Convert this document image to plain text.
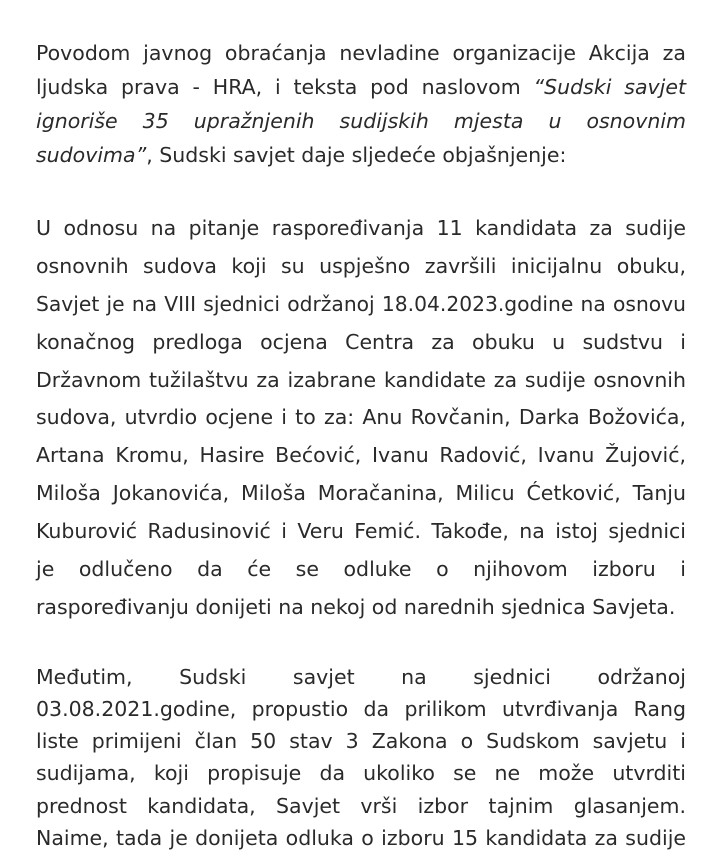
Povodom javnog obraćanja nevladine organizacije Akcija za
ljudska prava - HRA, i teksta pod naslovom “Sudski savjet
ignoriše 35 upražnjenih sudijskih mjesta u osnovnim
sudovima”, Sudski savjet daje sljedeće objašnjenje:

U odnosu na pitanje raspoređivanja 11 kandidata za sudije
osnovnih sudova koji su uspješno završili inicijalnu obuku,
Savjet je na VIII sjednici održanoj 18.04.2023.godine na osnovu
konačnog predloga ocjena Centra za obuku u sudstvu i
Državnom tužilaštvu za izabrane kandidate za sudije osnovnih
sudova, utvrdio ocjene i to za: Anu Rovčanin, Darka Božovića,
Artana Kromu, Hasire Bećović, Ivanu Radović, Ivanu Žujović,
Miloša Jokanovića, Miloša Moračanina, Milicu Ćetković, Tanju
Kuburović Radusinović i Veru Femić. Takođe, na istoj sjednici
je odlučeno da će se odluke o njihovom izboru i
raspoređivanju donijeti na nekoj od narednih sjednica Savjeta.

Međutim, Sudski savjet na sjednici održanoj
03.08.2021.godine, propustio da prilikom utvrđivanja Rang
liste primijeni član 50 stav 3 Zakona o Sudskom savjetu i
sudijama, koji propisuje da ukoliko se ne može utvrditi
prednost kandidata, Savjet vrši izbor tajnim glasanjem.
Naime, tada je donijeta odluka o izboru 15 kandidata za sudije
